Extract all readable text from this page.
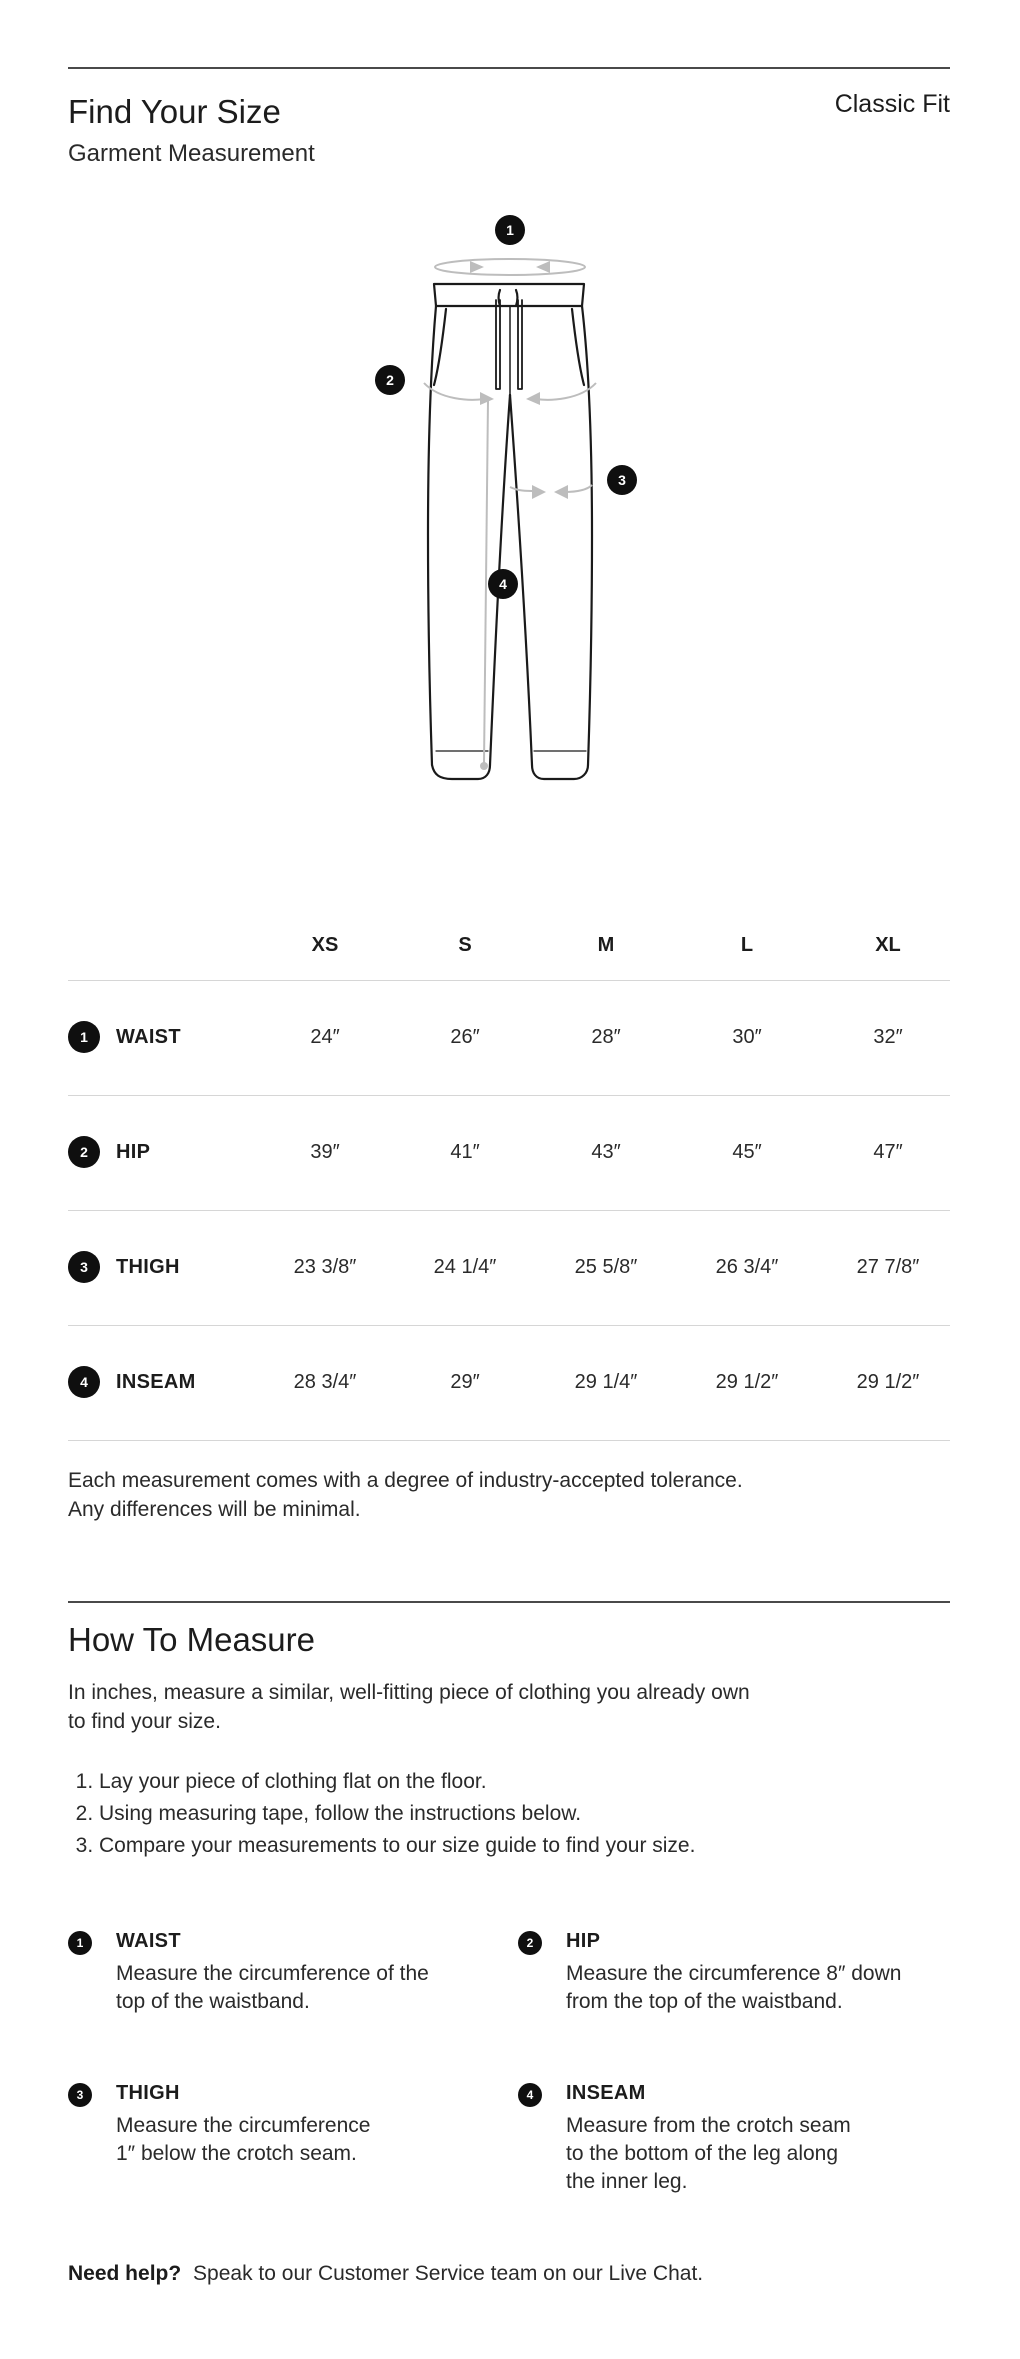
Find Your Size
Garment Measurement
Classic Fit
1
2
3
4
XS	S	M	L	XL
1	WAIST	24″	26″	28″	30″	32″
2	HIP	39″	41″	43″	45″	47″
3	THIGH	23 3/8″	24 1/4″	25 5/8″	26 3/4″	27 7/8″
4	INSEAM	28 3/4″	29″	29 1/4″	29 1/2″	29 1/2″
Each measurement comes with a degree of industry-accepted tolerance.
Any differences will be minimal.
How To Measure
In inches, measure a similar, well-fitting piece of clothing you already own
to find your size.
1. Lay your piece of clothing flat on the floor.
2. Using measuring tape, follow the instructions below.
3. Compare your measurements to our size guide to find your size.
1	WAIST
Measure the circumference of the
top of the waistband.
2	HIP
Measure the circumference 8″ down
from the top of the waistband.
3	THIGH
Measure the circumference
1″ below the crotch seam.
4	INSEAM
Measure from the crotch seam
to the bottom of the leg along
the inner leg.
Need help? Speak to our Customer Service team on our Live Chat.
